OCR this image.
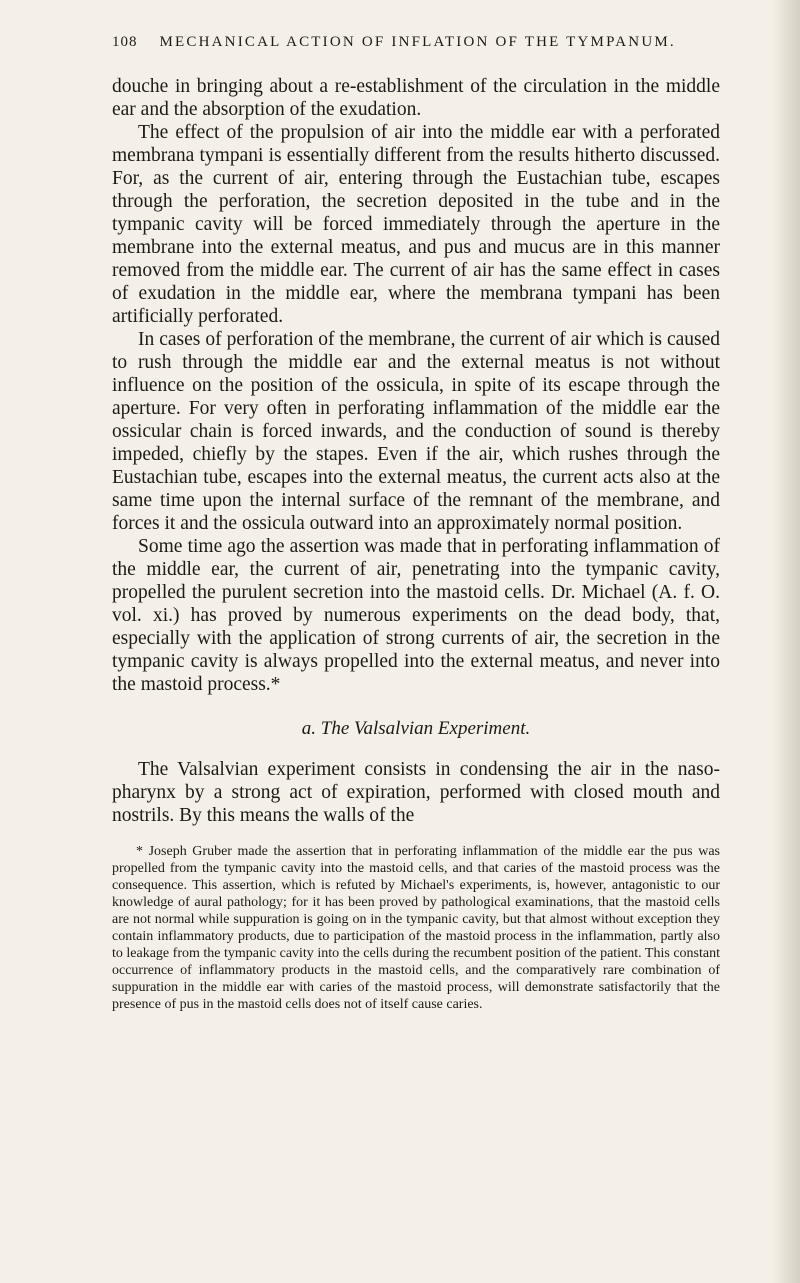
108 MECHANICAL ACTION OF INFLATION OF THE TYMPANUM.

douche in bringing about a re-establishment of the circulation in the middle ear and the absorption of the exudation.

The effect of the propulsion of air into the middle ear with a perforated membrana tympani is essentially different from the results hitherto discussed. For, as the current of air, entering through the Eustachian tube, escapes through the perforation, the secretion deposited in the tube and in the tympanic cavity will be forced immediately through the aperture in the membrane into the external meatus, and pus and mucus are in this manner removed from the middle ear. The current of air has the same effect in cases of exudation in the middle ear, where the membrana tympani has been artificially perforated.

In cases of perforation of the membrane, the current of air which is caused to rush through the middle ear and the external meatus is not without influence on the position of the ossicula, in spite of its escape through the aperture. For very often in perforating inflammation of the middle ear the ossicular chain is forced inwards, and the conduction of sound is thereby impeded, chiefly by the stapes. Even if the air, which rushes through the Eustachian tube, escapes into the external meatus, the current acts also at the same time upon the internal surface of the remnant of the membrane, and forces it and the ossicula outward into an approximately normal position.

Some time ago the assertion was made that in perforating inflammation of the middle ear, the current of air, penetrating into the tympanic cavity, propelled the purulent secretion into the mastoid cells. Dr. Michael (A. f. O. vol. xi.) has proved by numerous experiments on the dead body, that, especially with the application of strong currents of air, the secretion in the tympanic cavity is always propelled into the external meatus, and never into the mastoid process.*

a. The Valsalvian Experiment.

The Valsalvian experiment consists in condensing the air in the naso-pharynx by a strong act of expiration, performed with closed mouth and nostrils. By this means the walls of the

* Joseph Gruber made the assertion that in perforating inflammation of the middle ear the pus was propelled from the tympanic cavity into the mastoid cells, and that caries of the mastoid process was the consequence. This assertion, which is refuted by Michael's experiments, is, however, antagonistic to our knowledge of aural pathology; for it has been proved by pathological examinations, that the mastoid cells are not normal while suppuration is going on in the tympanic cavity, but that almost without exception they contain inflammatory products, due to participation of the mastoid process in the inflammation, partly also to leakage from the tympanic cavity into the cells during the recumbent position of the patient. This constant occurrence of inflammatory products in the mastoid cells, and the comparatively rare combination of suppuration in the middle ear with caries of the mastoid process, will demonstrate satisfactorily that the presence of pus in the mastoid cells does not of itself cause caries.
